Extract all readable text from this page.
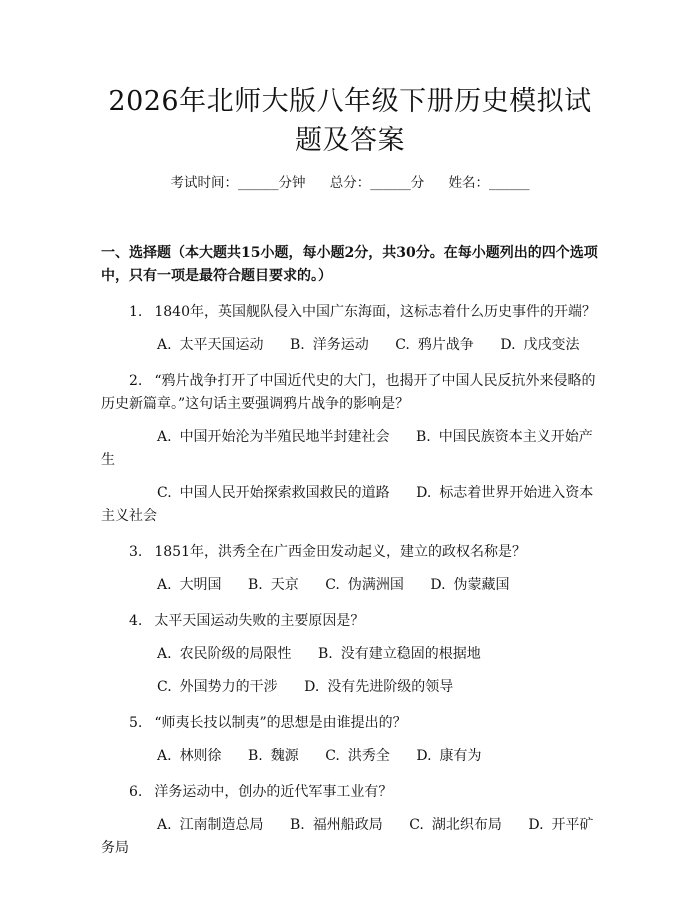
2026年北师大版八年级下册历史模拟试题及答案
考试时间：______分钟 总分：______分 姓名：______
一、选择题（本大题共15小题，每小题2分，共30分。在每小题列出的四个选项中，只有一项是最符合题目要求的。）
1. 1840年，英国舰队侵入中国广东海面，这标志着什么历史事件的开端？
A. 太平天国运动 B. 洋务运动 C. 鸦片战争 D. 戊戌变法
2. “鸦片战争打开了中国近代史的大门，也揭开了中国人民反抗外来侵略的历史新篇章。”这句话主要强调鸦片战争的影响是？
A. 中国开始沦为半殖民地半封建社会 B. 中国民族资本主义开始产生
C. 中国人民开始探索救国救民的道路 D. 标志着世界开始进入资本主义社会
3. 1851年，洪秀全在广西金田发动起义，建立的政权名称是？
A. 大明国 B. 天京 C. 伪满洲国 D. 伪蒙藏国
4. 太平天国运动失败的主要原因是？
A. 农民阶级的局限性 B. 没有建立稳固的根据地
C. 外国势力的干涉 D. 没有先进阶级的领导
5. “师夷长技以制夷”的思想是由谁提出的？
A. 林则徐 B. 魏源 C. 洪秀全 D. 康有为
6. 洋务运动中，创办的近代军事工业有？
A. 江南制造总局 B. 福州船政局 C. 湖北织布局 D. 开平矿务局
